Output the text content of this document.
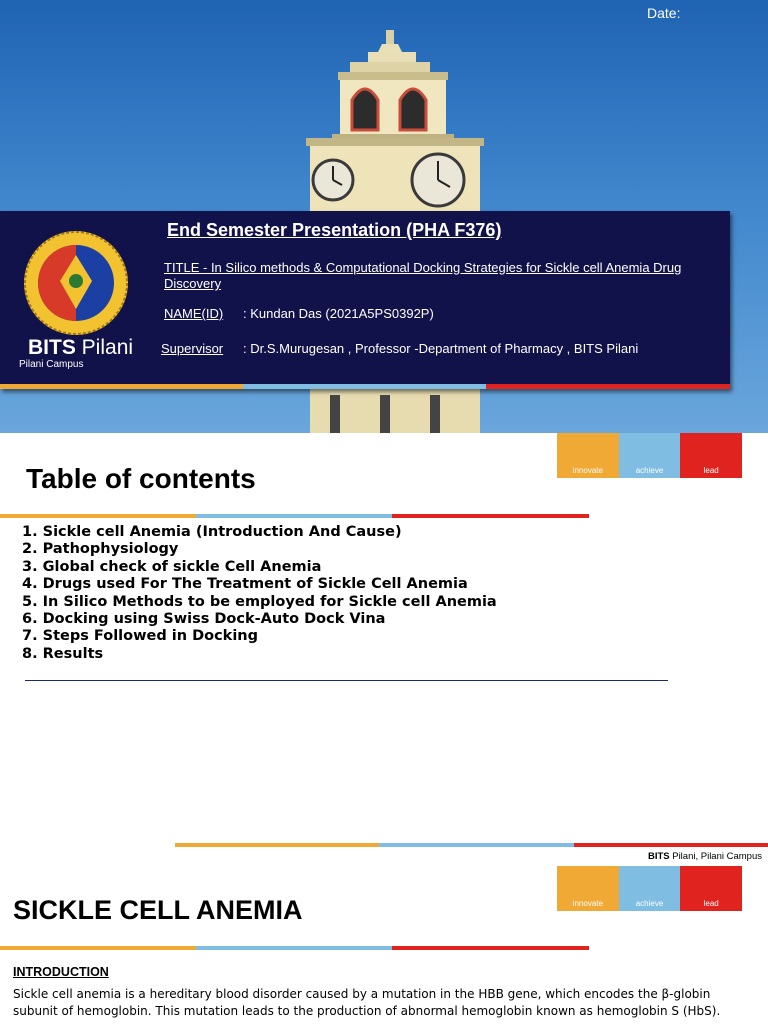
Date:
BITS Pilani
Pilani Campus
End Semester Presentation (PHA F376)
TITLE - In Silico methods & Computational Docking Strategies for Sickle cell Anemia Drug Discovery
NAME(ID) : Kundan Das (2021A5PS0392P)
Supervisor : Dr.S.Murugesan , Professor -Department of Pharmacy , BITS Pilani
innovate	achieve	lead
Table of contents
1. Sickle cell Anemia (Introduction And Cause)
2. Pathophysiology
3. Global check of sickle Cell Anemia
4. Drugs used For The Treatment of Sickle Cell Anemia
5. In Silico Methods to be employed for Sickle cell Anemia
6. Docking using Swiss Dock-Auto Dock Vina
7. Steps Followed in Docking
8. Results
BITS Pilani, Pilani Campus
innovate	achieve	lead
SICKLE CELL ANEMIA
INTRODUCTION
Sickle cell anemia is a hereditary blood disorder caused by a mutation in the HBB gene, which encodes the β-globin
subunit of hemoglobin. This mutation leads to the production of abnormal hemoglobin known as hemoglobin S (HbS).
